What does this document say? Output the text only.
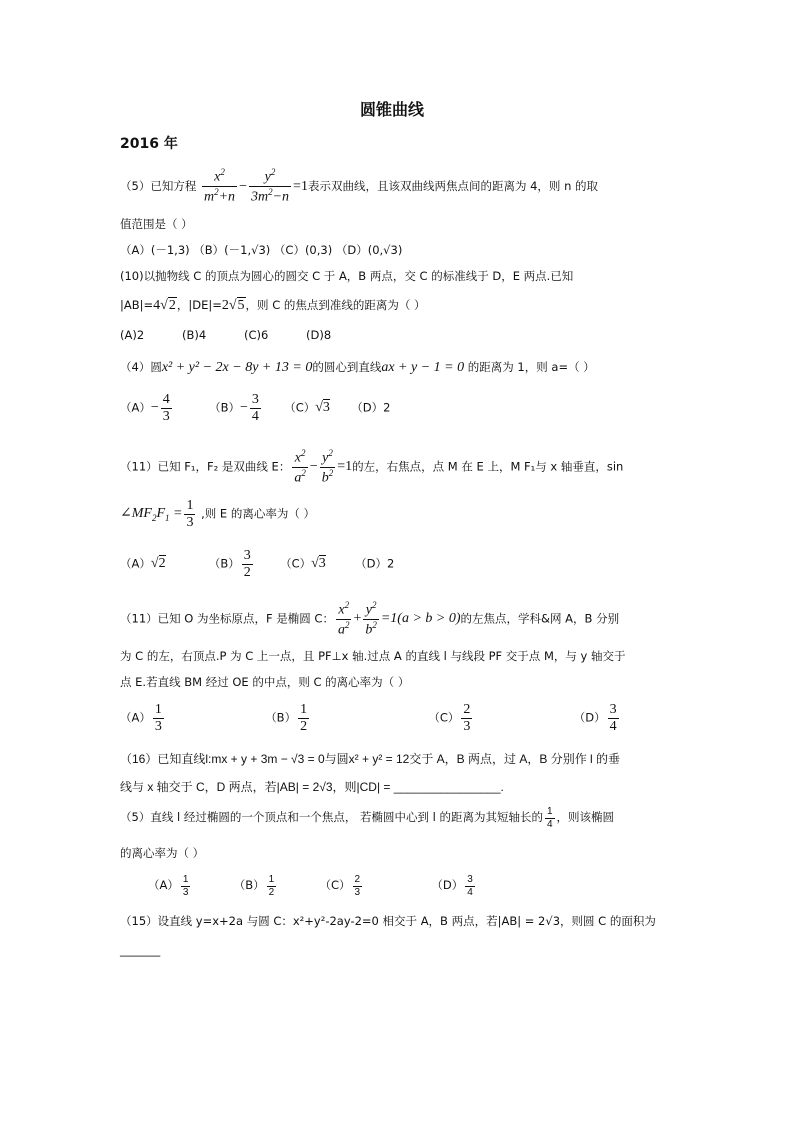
圆锥曲线
2016 年
（5）已知方程 $\frac{x^2}{m^2+n} - \frac{y^2}{3m^2-n} =1$表示双曲线，且该双曲线两焦点间的距离为 4，则 n 的取
值范围是（ ）
（A）(－1,3) （B）(－1,√3) （C）(0,3) （D）(0,√3)
(10)以抛物线 C 的顶点为圆心的圆交 C 于 A，B 两点，交 C 的标准线于 D，E 两点.已知
|AB|=4√2，|DE|=2√5，则 C 的焦点到准线的距离为（ ）
(A)2	(B)4	(C)6	(D)8
（4）圆x² + y² − 2x − 8y + 13 = 0的圆心到直线ax + y − 1 = 0 的距离为 1，则 a=（ ）
$(A)- \frac{4}{3}$	$(B)- \frac{3}{4} (C)√3$ （D）2
（11）已知 F₁，F₂ 是双曲线 E： $\frac{x^2}{a^2} - \frac{y^2}{b^2} =1$的左，右焦点，点 M 在 E 上，M F₁与 x 轴垂直，sin
$\angle MF_2F_1 = \frac{1}{3}$ ,则 E 的离心率为（ ）
（A）√2	$(B) \frac{3}{2} (C)√3$	（D）2
（11）已知 O 为坐标原点，F 是椭圆 C： $\frac{x^2}{a^2} + \frac{y^2}{b^2} =1(a > b > 0)$的左焦点，学科&网 A，B 分别
为 C 的左，右顶点.P 为 C 上一点，且 PF⊥x 轴.过点 A 的直线 l 与线段 PF 交于点 M，与 y 轴交于
点 E.若直线 BM 经过 OE 的中点，则 C 的离心率为（ ）
$(A) \frac{1}{3}$	$(B) \frac{1}{2}$	$(C) \frac{2}{3}$	$(D) \frac{3}{4}$
（16）已知直线l:mx + y + 3m − √3 = 0与圆x² + y² = 12交于 A，B 两点，过 A，B 分别作 l 的垂
线与 x 轴交于 C，D 两点，若|AB| = 2√3，则|CD| = ________________.
（5）直线 l 经过椭圆的一个顶点和一个焦点， 若椭圆中心到 l 的距离为其短轴长的 $\frac{1}{4}$ ，则该椭圆
的离心率为（ ）
$(A) \frac{1}{3}$	$(B) \frac{1}{2}$	$(C) \frac{2}{3}$	$(D) \frac{3}{4}$
（15）设直线 y=x+2a 与圆 C：x²+y²-2ay-2=0 相交于 A，B 两点，若|AB| = 2√3，则圆 C 的面积为
_______
